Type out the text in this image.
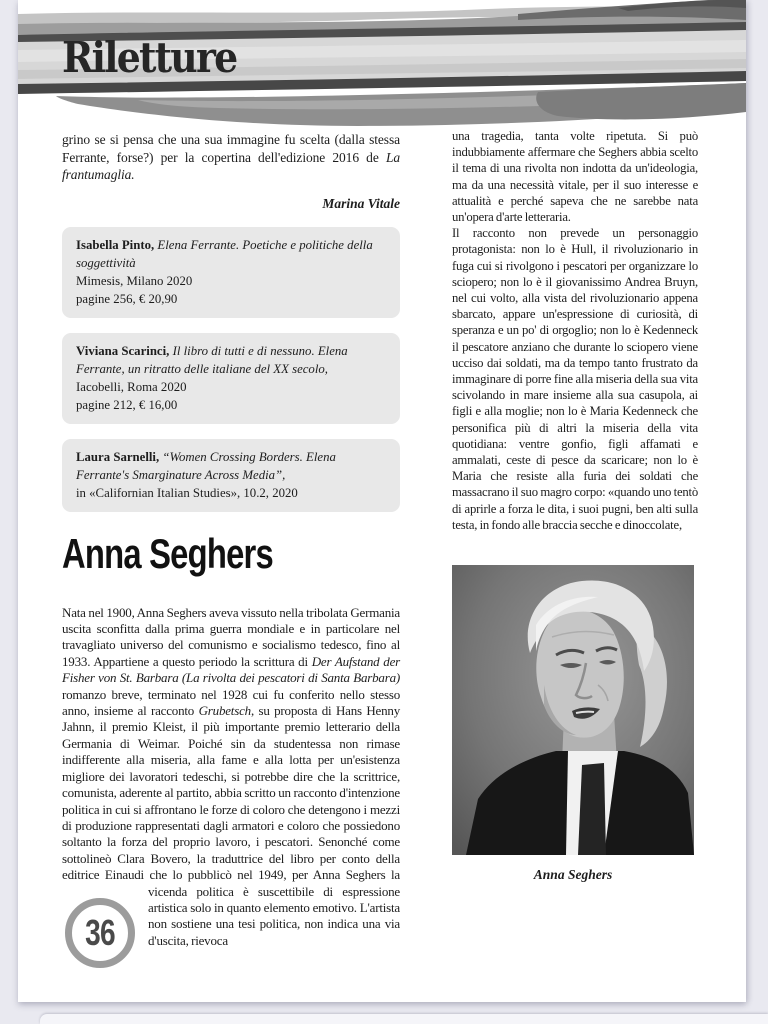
Riletture

grino se si pensa che una sua immagine fu scelta (dalla stessa Ferrante, forse?) per la copertina dell'edizione 2016 de La frantumaglia.

Marina Vitale

Isabella Pinto, Elena Ferrante. Poetiche e politiche della soggettività
Mimesis, Milano 2020
pagine 256, € 20,90
Viviana Scarinci, Il libro di tutti e di nessuno. Elena Ferrante, un ritratto delle italiane del XX secolo,
Iacobelli, Roma 2020
pagine 212, € 16,00
Laura Sarnelli, “Women Crossing Borders. Elena Ferrante's Smarginature Across Media”,
in «Californian Italian Studies», 10.2, 2020
Anna Seghers

Nata nel 1900, Anna Seghers aveva vissuto nella tribolata Germania uscita sconfitta dalla prima guerra mondiale e in particolare nel travagliato universo del comunismo e socialismo tedesco, fino al 1933. Appartiene a questo periodo la scrittura di Der Aufstand der Fisher von St. Barbara (La rivolta dei pescatori di Santa Barbara) romanzo breve, terminato nel 1928 cui fu conferito nello stesso anno, insieme al racconto Grubetsch, su proposta di Hans Henny Jahnn, il premio Kleist, il più importante premio letterario della Germania di Weimar. Poiché sin da studentessa non rimase indifferente alla miseria, alla fame e alla lotta per un'esistenza migliore dei lavoratori tedeschi, si potrebbe dire che la scrittrice, comunista, aderente al partito, abbia scritto un racconto d'intenzione politica in cui si affrontano le forze di coloro che detengono i mezzi di produzione rappresentati dagli armatori e coloro che possiedono soltanto la forza del proprio lavoro, i pescatori. Senonché come sottolineò Clara Bovero, la traduttrice del libro per conto della editrice Einaudi che lo pubblicò nel
1949, per Anna Seghers la vicenda politica è suscettibile di espressione artistica solo in quanto elemento emotivo. L'artista non sostiene una tesi politica, non indica una via d'uscita, rievoca

una tragedia, tanta volte ripetuta. Si può indubbiamente affermare che Seghers abbia scelto il tema di una rivolta non indotta da un'ideologia, ma da una necessità vitale, per il suo interesse e attualità e perché sapeva che ne sarebbe nata un'opera d'arte letteraria.

Il racconto non prevede un personaggio protagonista: non lo è Hull, il rivoluzionario in fuga cui si rivolgono i pescatori per organizzare lo sciopero; non lo è il giovanissimo Andrea Bruyn, nel cui volto, alla vista del rivoluzionario appena sbarcato, appare un'espressione di curiosità, di speranza e un po' di orgoglio; non lo è Kedenneck il pescatore anziano che durante lo sciopero viene ucciso dai soldati, ma da tempo tanto frustrato da immaginare di porre fine alla miseria della sua vita scivolando in mare insieme alla sua casupola, ai figli e alla moglie; non lo è Maria Kedenneck che personifica più di altri la miseria della vita quotidiana: ventre gonfio, figli affamati e ammalati, ceste di pesce da scaricare; non lo è Maria che resiste alla furia dei soldati che massacrano il suo magro corpo: «quando uno tentò di aprirle a forza le dita, i suoi pugni, ben alti sulla testa, in fondo alle braccia secche e dinoccolate,

Anna Seghers
36
